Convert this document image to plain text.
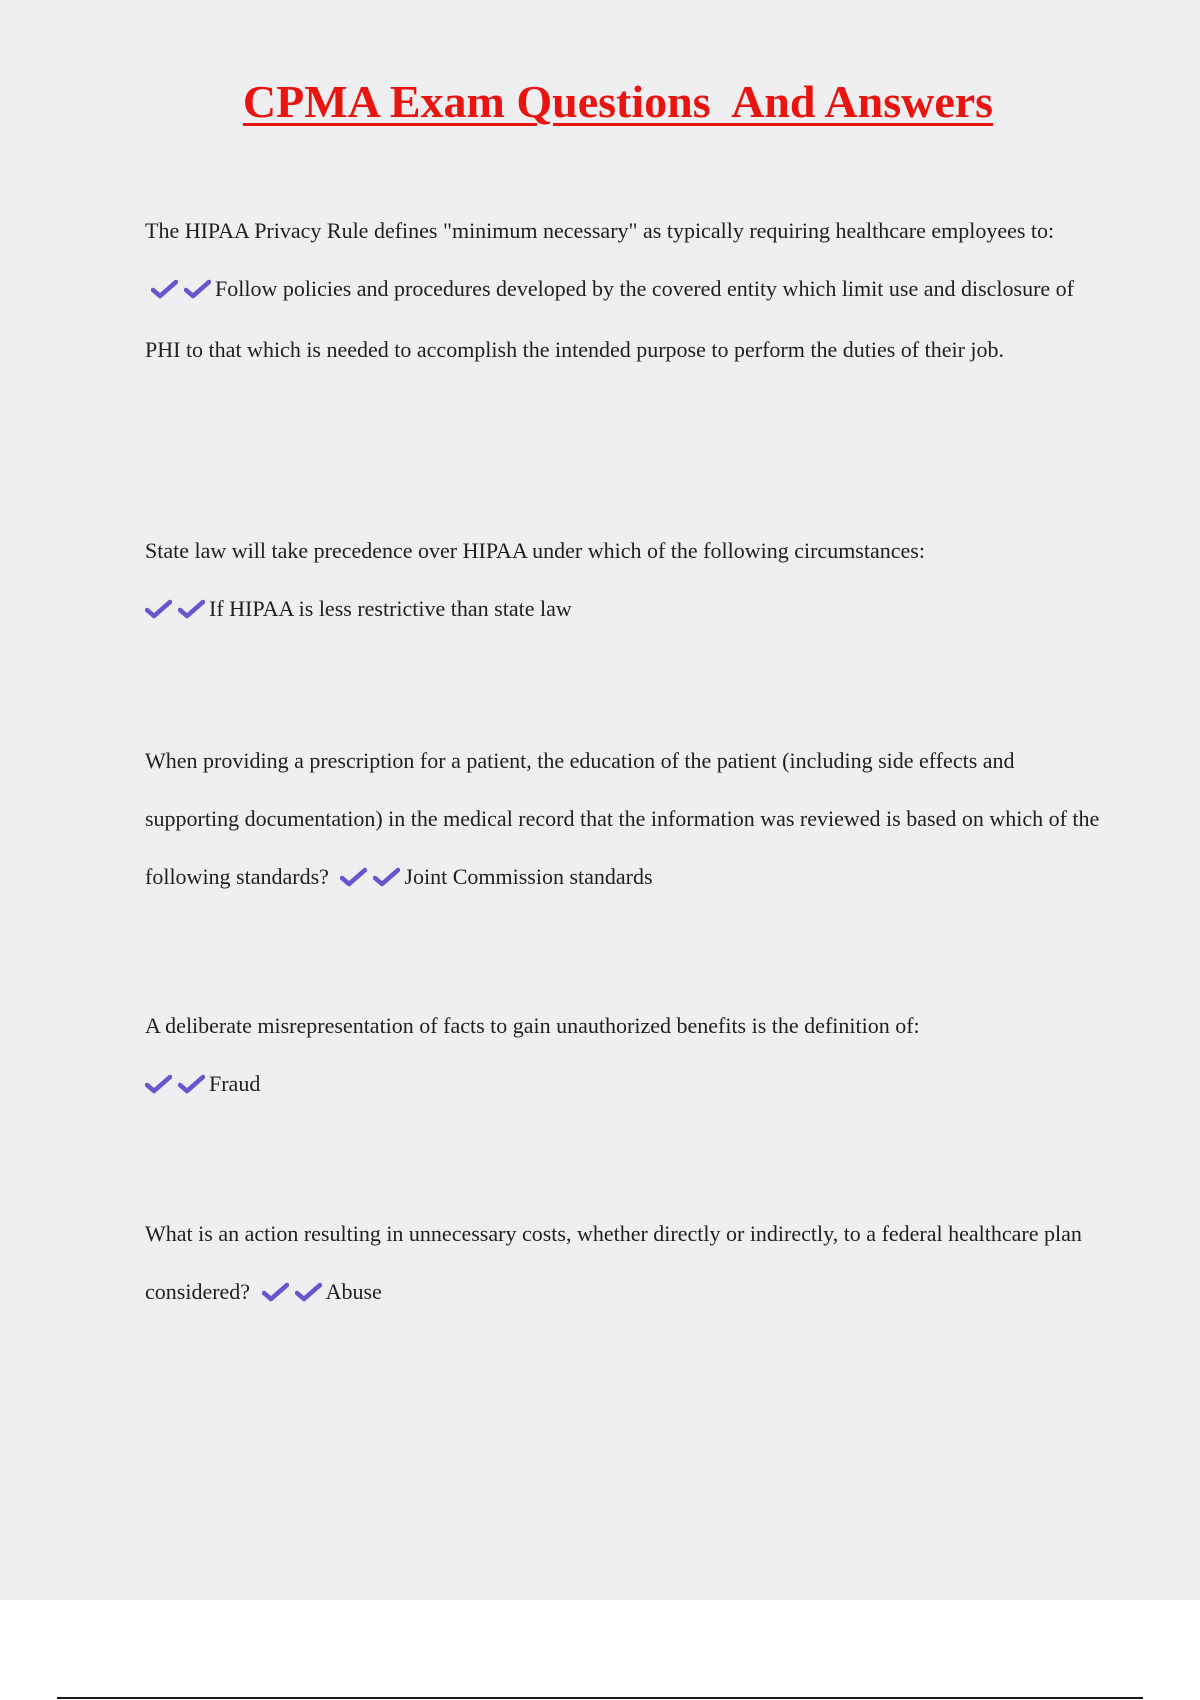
CPMA Exam Questions  And Answers

The HIPAA Privacy Rule defines "minimum necessary" as typically requiring healthcare employees to: Follow policies and procedures developed by the covered entity which limit use and disclosure of PHI to that which is needed to accomplish the intended purpose to perform the duties of their job.

State law will take precedence over HIPAA under which of the following circumstances:
If HIPAA is less restrictive than state law

When providing a prescription for a patient, the education of the patient (including side effects and supporting documentation) in the medical record that the information was reviewed is based on which of the following standards?	Joint Commission standards

A deliberate misrepresentation of facts to gain unauthorized benefits is the definition of:
Fraud

What is an action resulting in unnecessary costs, whether directly or indirectly, to a federal healthcare plan considered?	Abuse
